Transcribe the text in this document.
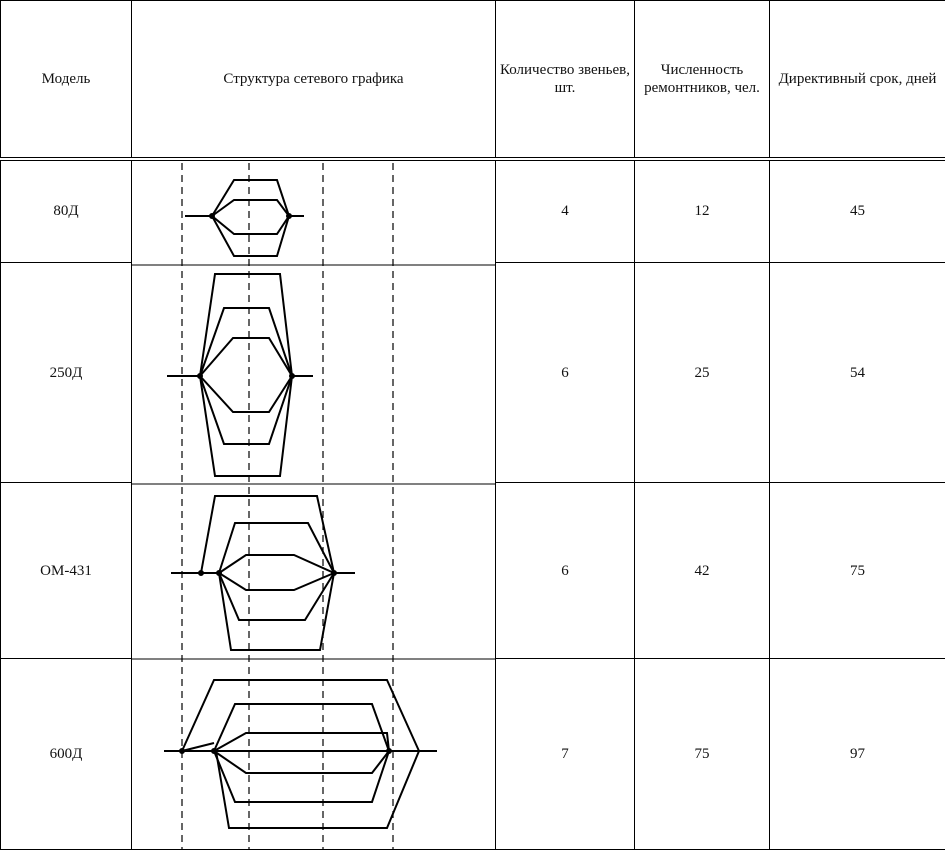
Модель	Структура сетевого графика	Количество звеньев, шт.	Численность ремонтников, чел.	Директивный срок, дней
80Д		4	12	45
250Д		6	25	54
ОМ-431		6	42	75
600Д		7	75	97
